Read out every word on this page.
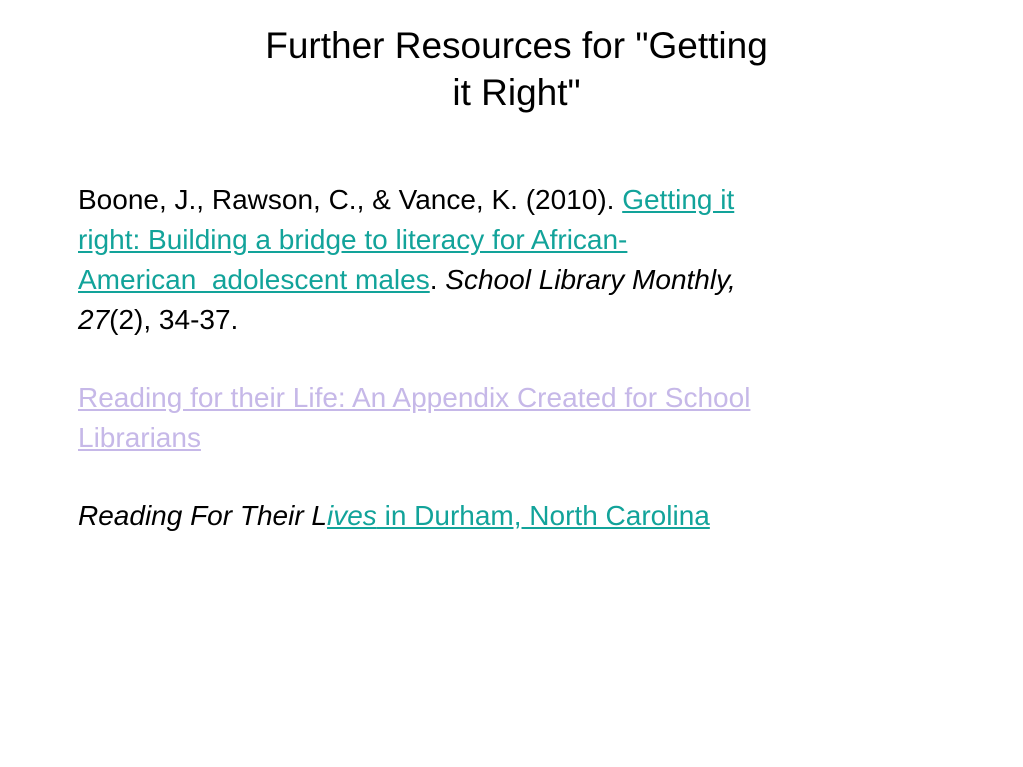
Further Resources for "Getting
it Right"

Boone, J., Rawson, C., & Vance, K. (2010). Getting it
right: Building a bridge to literacy for African-
American  adolescent males. School Library Monthly,
27(2), 34-37.

Reading for their Life: An Appendix Created for School
Librarians

Reading For Their Lives in Durham, North Carolina
